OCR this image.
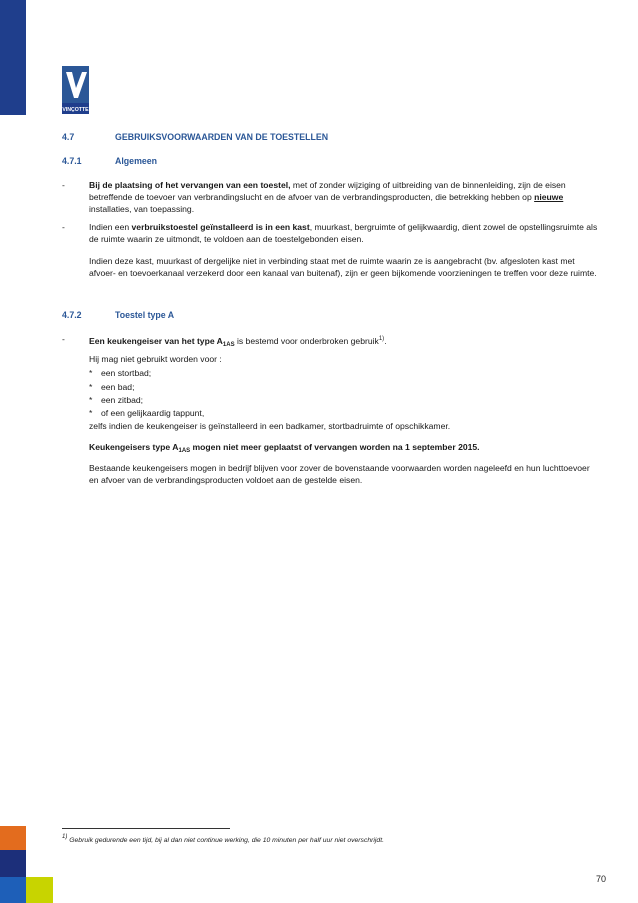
VINÇOTTE
4.7	GEBRUIKSVOORWAARDEN VAN DE TOESTELLEN
4.7.1	Algemeen
-	Bij de plaatsing of het vervangen van een toestel, met of zonder wijziging of uitbreiding van de binnenleiding, zijn de eisen betreffende de toevoer van verbrandingslucht en de afvoer van de verbrandingsproducten, die betrekking hebben op nieuwe installaties, van toepassing.
-	Indien een verbruikstoestel geïnstalleerd is in een kast, muurkast, bergruimte of gelijkwaardig, dient zowel de opstellingsruimte als de ruimte waarin ze uitmondt, te voldoen aan de toestelgebonden eisen.
Indien deze kast, muurkast of dergelijke niet in verbinding staat met de ruimte waarin ze is aangebracht (bv. afgesloten kast met afvoer- en toevoerkanaal verzekerd door een kanaal van buitenaf), zijn er geen bijkomende voorzieningen te treffen voor deze ruimte.
4.7.2	Toestel type A
-	Een keukengeiser van het type $A_{1AS}$ is bestemd voor onderbroken gebruik$^{1)}$.
Hij mag niet gebruikt worden voor :
* een stortbad;
* een bad;
* een zitbad;
* of een gelijkaardig tappunt,
zelfs indien de keukengeiser is geïnstalleerd in een badkamer, stortbadruimte of opschikkamer.
Keukengeisers type $A_{1AS}$ mogen niet meer geplaatst of vervangen worden na 1 september 2015.
Bestaande keukengeisers mogen in bedrijf blijven voor zover de bovenstaande voorwaarden worden nageleefd en hun luchttoevoer en afvoer van de verbrandingsproducten voldoet aan de gestelde eisen.
$^{1)}$ Gebruik gedurende een tijd, bij al dan niet continue werking, die 10 minuten per half uur niet overschrijdt.
70
